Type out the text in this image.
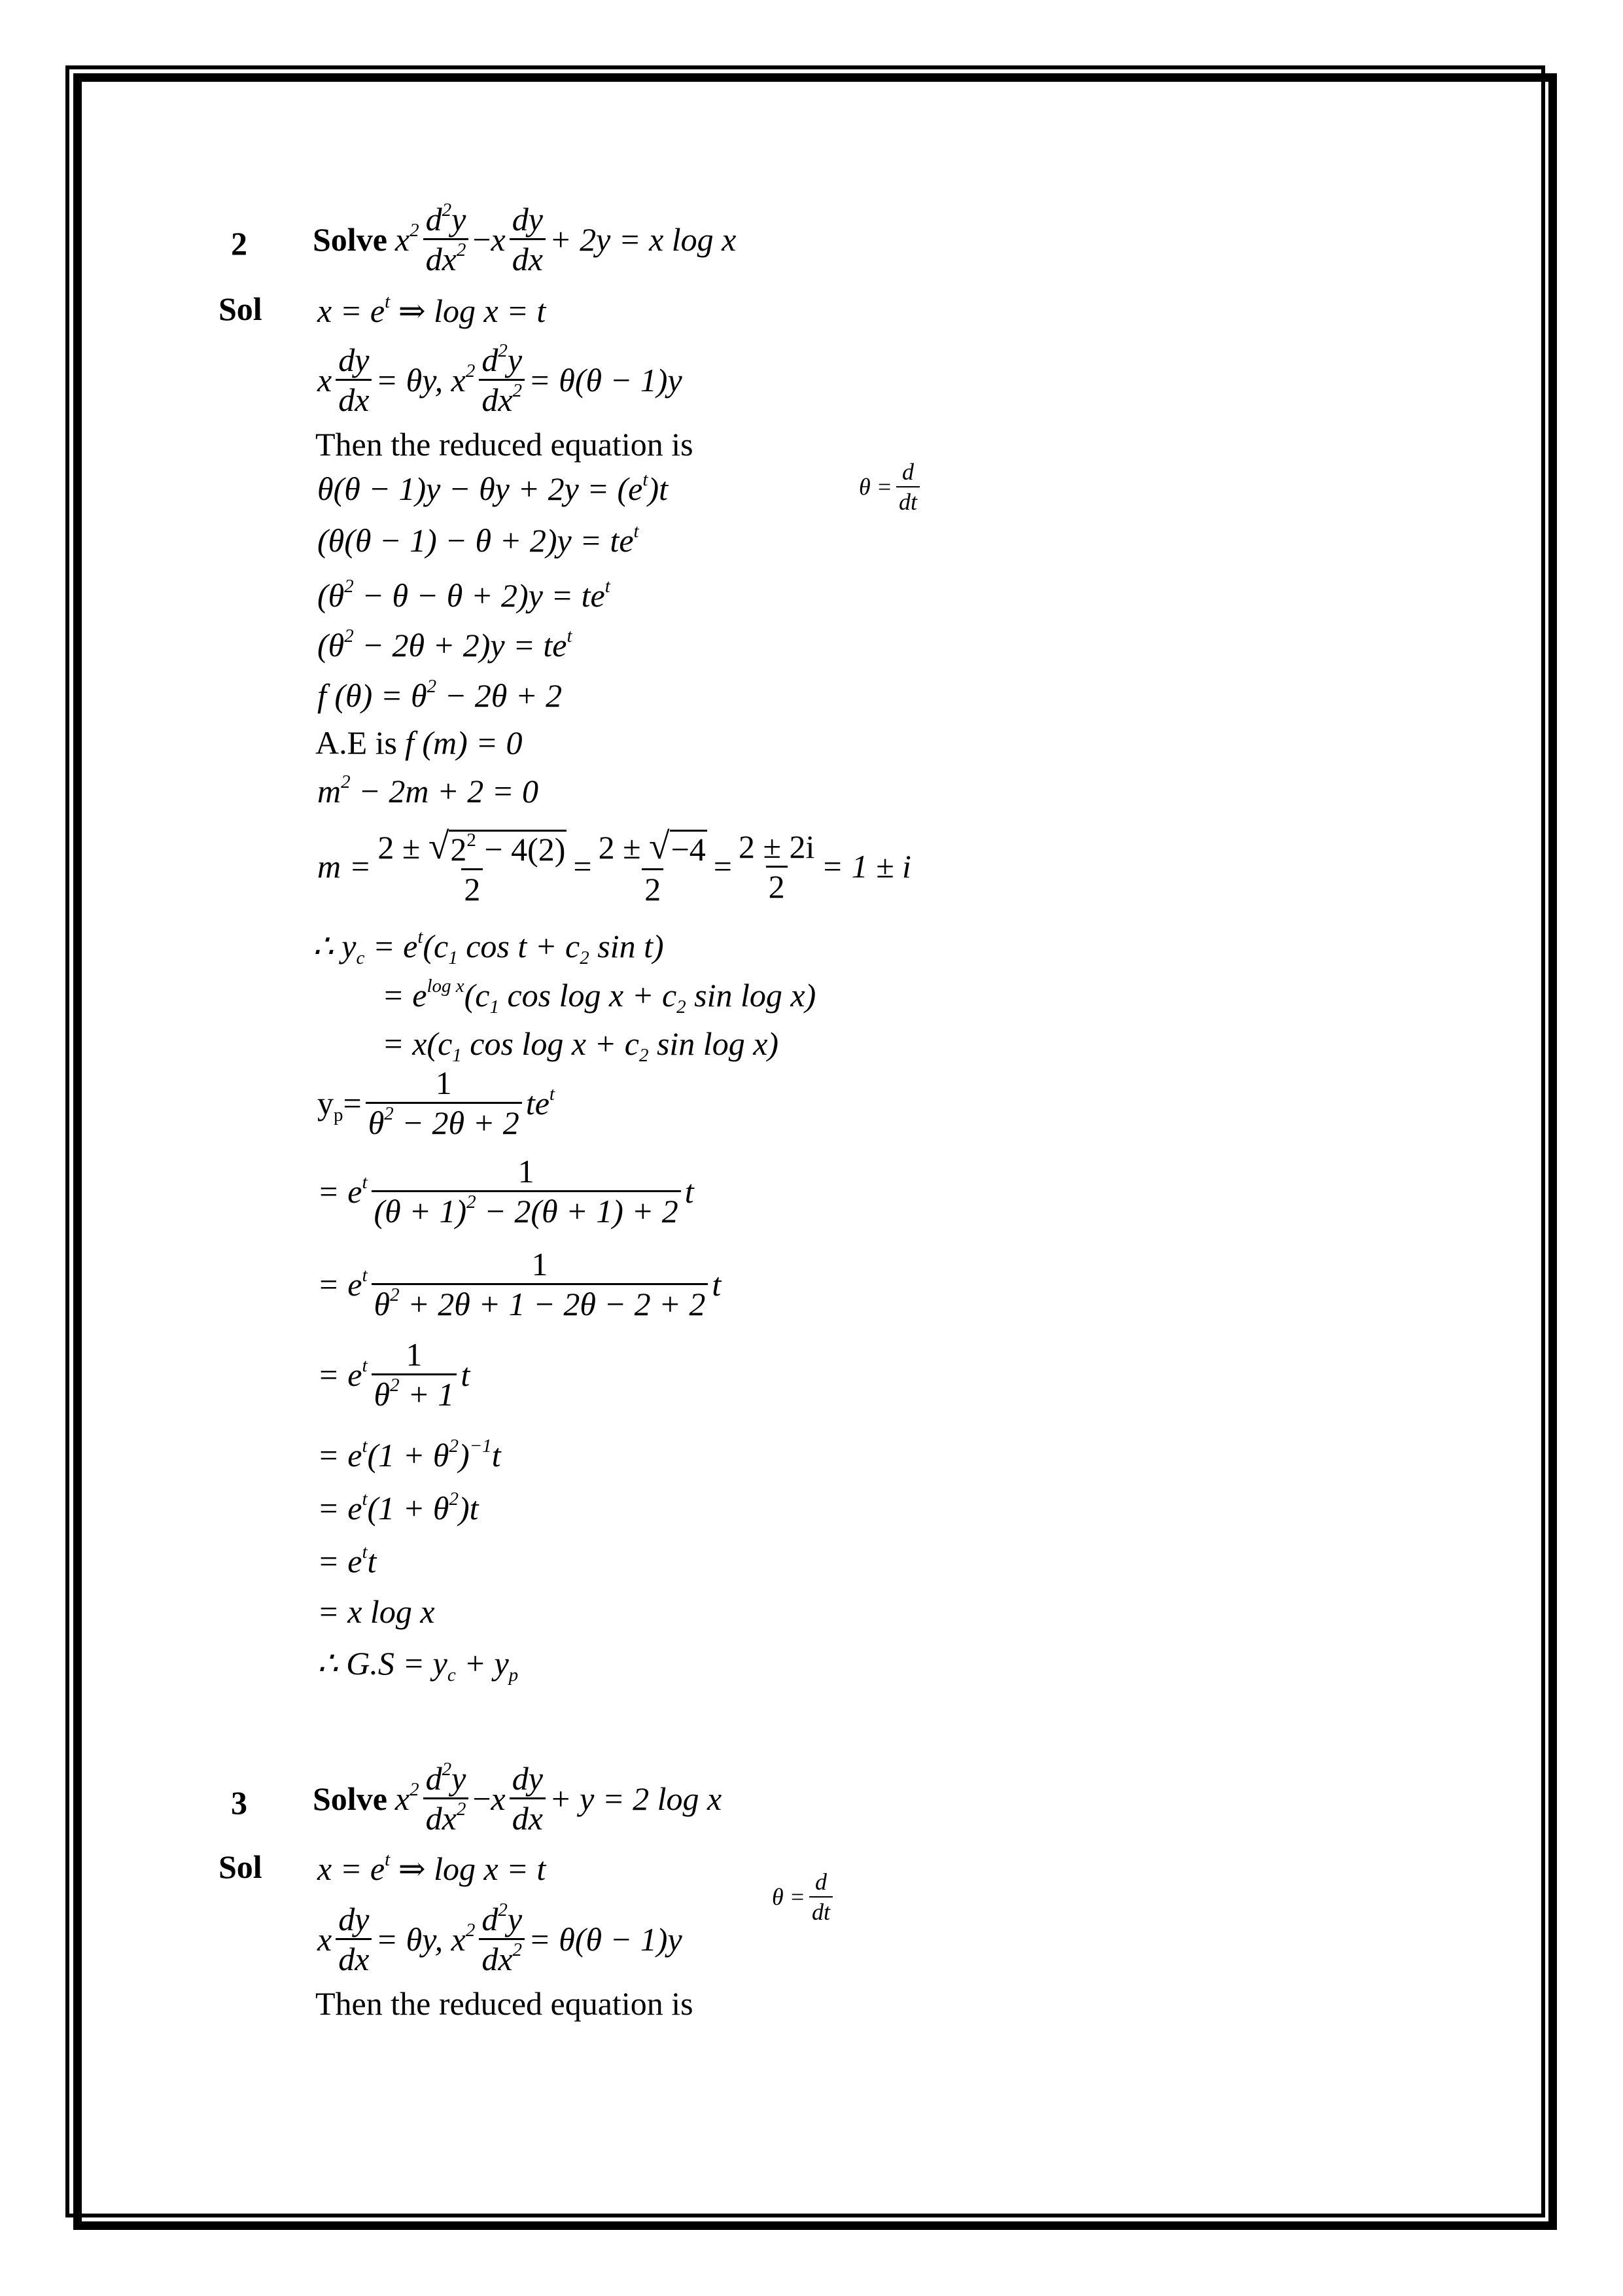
2 Solve $x^2 \frac{d^2y}{dx^2} - x \frac{dy}{dx} + 2y = x$ log x
Sol $x = e^t$ ⇒ log x = t
x $\frac{dy}{dx} = \theta y$, $x^2 \frac{d^2y}{dx^2} = \theta(\theta - 1)y$
Then the reduced equation is
$\theta(\theta - 1)y - \theta y + 2y = (e^t)t$	$\theta = \frac{d}{dt}$
$(\theta(\theta - 1) - \theta + 2)y = te^t$
$(\theta^2 - \theta - \theta + 2)y = te^t$
$(\theta^2 - 2\theta + 2)y = te^t$
f $(\theta) = \theta^2 - 2\theta + 2$
A.E is f (m) = 0
$m^2 - 2m + 2 = 0$
$m = \frac{2 \pm √ 2^2 - 4(2)}{2} = \frac{2 \pm √ -4}{2} = \frac{2 \pm 2i}{2} = 1 \pm i$
∴ $y_c = e^t(c_1$ $\cos t + c_2$ sin t)
= $e^{log x}(c_1$ $\cos \log x + c_2$ sin log x)
= $x(c_1$ $\cos \log x + c_2$ sin log x)
$y_p = \frac{1}{\theta^2 - 2\theta + 2} te^t$
= $e^t \frac{1}{(\theta + 1)^2 - 2(\theta + 1) + 2}$ t
= $e^t \frac{1}{\theta^2 + 2\theta + 1 - 2\theta - 2 + 2}$ t
= $e^t \frac{1}{\theta^2 + 1}$ t
= $e^t(1 + \theta^2)^{-1}t$
= $e^t(1 + \theta^2)t$
= $e^tt$
= x log x
∴ $G.S = y_c + y_p$
3 Solve $x^2 \frac{d^2y}{dx^2} - x \frac{dy}{dx} + y = 2$ log x
Sol $x = e^t$ ⇒ log x = t
$\theta = \frac{d}{dt}$
x $\frac{dy}{dx} = \theta y$, $x^2 \frac{d^2y}{dx^2} = \theta(\theta - 1)y$
Then the reduced equation is
